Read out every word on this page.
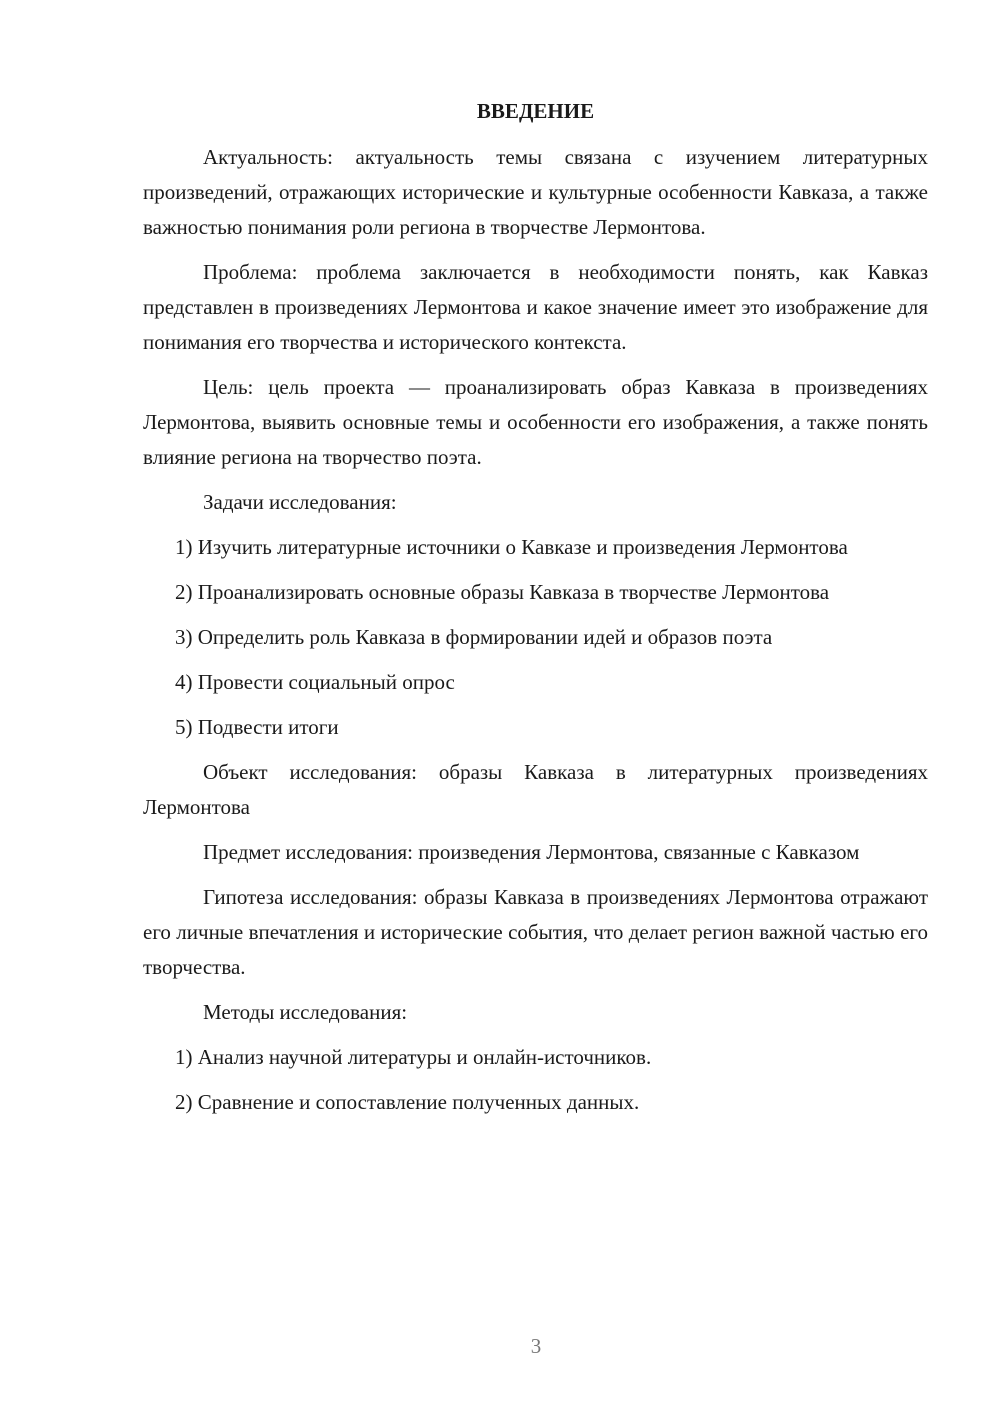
ВВЕДЕНИЕ

Актуальность: актуальность темы связана с изучением литературных произведений, отражающих исторические и культурные особенности Кавказа, а также важностью понимания роли региона в творчестве Лермонтова.

Проблема: проблема заключается в необходимости понять, как Кавказ представлен в произведениях Лермонтова и какое значение имеет это изображение для понимания его творчества и исторического контекста.

Цель: цель проекта — проанализировать образ Кавказа в произведениях Лермонтова, выявить основные темы и особенности его изображения, а также понять влияние региона на творчество поэта.

Задачи исследования:

1) Изучить литературные источники о Кавказе и произведения Лермонтова

2) Проанализировать основные образы Кавказа в творчестве Лермонтова

3) Определить роль Кавказа в формировании идей и образов поэта

4) Провести социальный опрос

5) Подвести итоги

Объект исследования: образы Кавказа в литературных произведениях Лермонтова

Предмет исследования: произведения Лермонтова, связанные с Кавказом

Гипотеза исследования: образы Кавказа в произведениях Лермонтова отражают его личные впечатления и исторические события, что делает регион важной частью его творчества.

Методы исследования:

1) Анализ научной литературы и онлайн-источников.

2) Сравнение и сопоставление полученных данных.

3
